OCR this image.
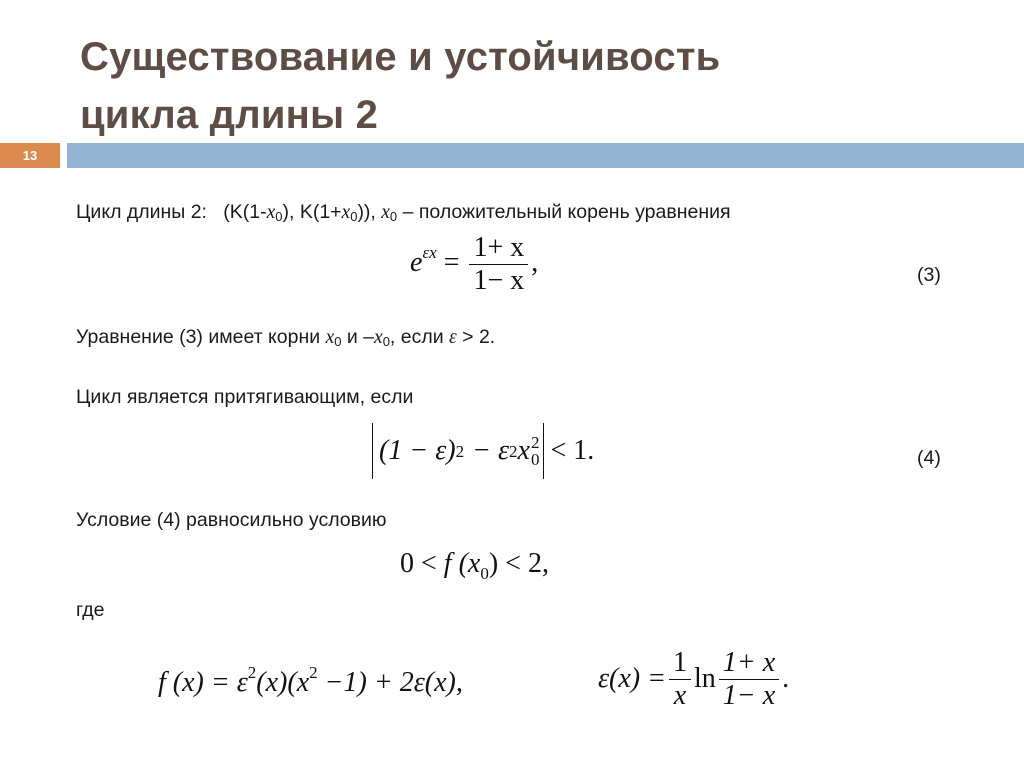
Существование и устойчивость
цикла длины 2
13
Цикл длины 2: ($K(1-x_0)$, $K(1+x_0)$), $x_0$ – положительный корень уравнения
$e^{\varepsilon x} = \frac{1+ x}{1- x}$ ,	(3)
Уравнение (3) имеет корни $x_0$ и $-x_0$, если ε > 2.
Цикл является притягивающим, если
(1 − ε) 2 − ε 2 x 2
0 < 1.	(4)
Условие (4) равносильно условию
0 < f $(x_0) < 2$,
где
f $(x) = \varepsilon^2(x)(x^2 -1) + 2\varepsilon(x)$,	$\varepsilon(x) = \frac{1}{x}$ $\ln \frac{1+ x}{1- x}$ .
